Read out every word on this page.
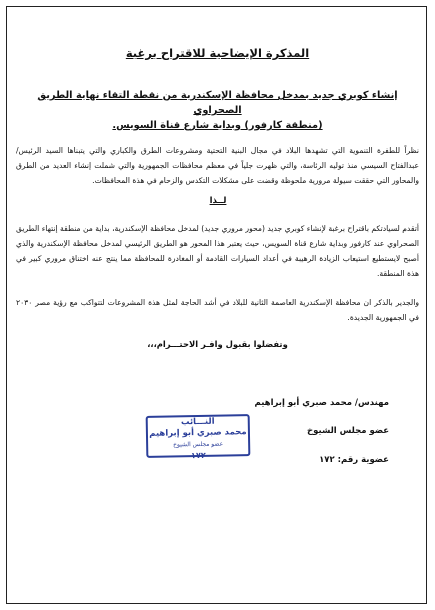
المذكرة الإيضاحية للاقتراح برغبة
إنشاء كوبري جديد بمدخل محافظة الإسكندرية من نقطة التقاء نهاية الطريق الصحراوي
(منطقة كارفور) وبداية شارع قناة السويس.
نظراً للطفرة التنموية التي تشهدها البلاد في مجال البنية التحتية ومشروعات الطرق والكباري والتي يتبناها السيد الرئيس/ عبدالفتاح السيسي منذ توليه الرئاسة، والتي ظهرت جلياً في معظم محافظات الجمهورية والتي شملت إنشاء العديد من الطرق والمحاور التي حققت سيولة مرورية ملحوظة وقضت على مشكلات التكدس والزحام في هذة المحافظات.
لــذا
أتقدم لسيادتكم باقتراح برغبة لإنشاء كوبري جديد (محور مروري جديد) لمدخل محافظة الإسكندرية، بداية من منطقة إنتهاء الطريق الصحراوي عند كارفور وبداية شارع قناة السويس، حيث يعتبر هذا المحور هو الطريق الرئيسي لمدخل محافظة الإسكندرية والذي أصبح لايستطيع استيعاب الزيادة الرهيبة في أعداد السيارات القادمة أو المغادرة للمحافظة مما ينتج عنه اختناق مروري كبير في هذة المنطقة.
والجدير بالذكر ان محافظة الإسكندرية العاصمة الثانية للبلاد في أشد الحاجة لمثل هذة المشروعات لتتواكب مع رؤية مصر ٢٠٣٠ في الجمهورية الجديدة.
وتفضلوا بقبول وافـر الاحتـــرام،،،
مهندس/ محمد صبري أبو إبراهيم
عضو مجلس الشيوخ
عضوية رقم: ١٧٢
النـــائب
محمد صبري أبو إبراهيم
عضو مجلس الشيوخ
١٧٢
